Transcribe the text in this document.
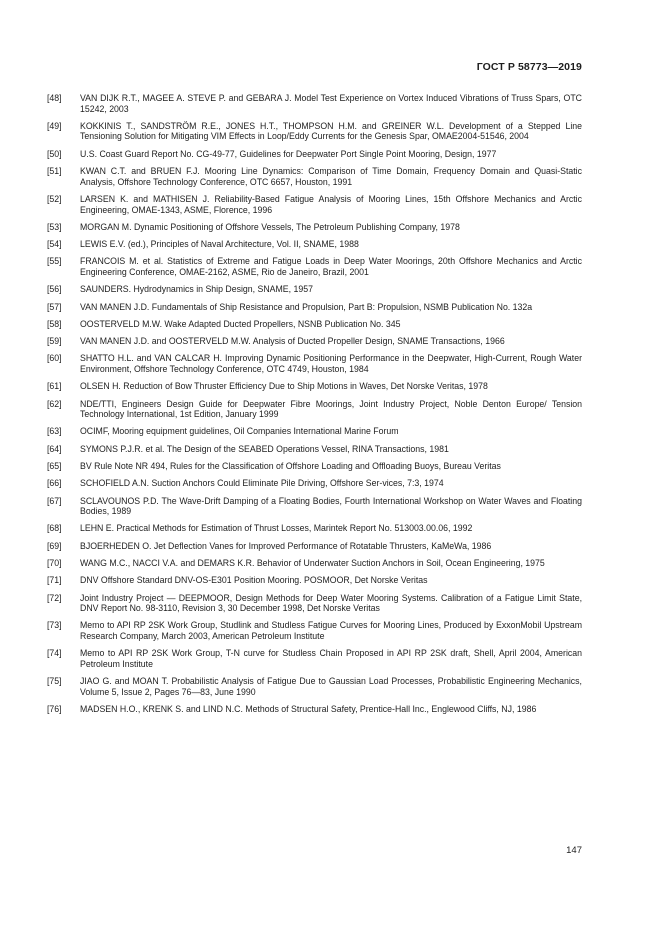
ГОСТ Р 58773—2019
[48]	VAN DIJK R.T., MAGEE A. STEVE P. and GEBARA J. Model Test Experience on Vortex Induced Vibrations of Truss Spars, OTC 15242, 2003
[49]	KOKKINIS T., SANDSTRÖM R.E., JONES H.T., THOMPSON H.M. and GREINER W.L. Development of a Stepped Line Tensioning Solution for Mitigating VIM Effects in Loop/Eddy Currents for the Genesis Spar, OMAE2004-51546, 2004
[50]	U.S. Coast Guard Report No. CG-49-77, Guidelines for Deepwater Port Single Point Mooring, Design, 1977
[51]	KWAN C.T. and BRUEN F.J. Mooring Line Dynamics: Comparison of Time Domain, Frequency Domain and Quasi-Static Analysis, Offshore Technology Conference, OTC 6657, Houston, 1991
[52]	LARSEN K. and MATHISEN J. Reliability-Based Fatigue Analysis of Mooring Lines, 15th Offshore Mechanics and Arctic Engineering, OMAE-1343, ASME, Florence, 1996
[53]	MORGAN M. Dynamic Positioning of Offshore Vessels, The Petroleum Publishing Company, 1978
[54]	LEWIS E.V. (ed.), Principles of Naval Architecture, Vol. II, SNAME, 1988
[55]	FRANCOIS M. et al. Statistics of Extreme and Fatigue Loads in Deep Water Moorings, 20th Offshore Mechanics and Arctic Engineering Conference, OMAE-2162, ASME, Rio de Janeiro, Brazil, 2001
[56]	SAUNDERS. Hydrodynamics in Ship Design, SNAME, 1957
[57]	VAN MANEN J.D. Fundamentals of Ship Resistance and Propulsion, Part B: Propulsion, NSMB Publication No. 132a
[58]	OOSTERVELD M.W. Wake Adapted Ducted Propellers, NSNB Publication No. 345
[59]	VAN MANEN J.D. and OOSTERVELD M.W. Analysis of Ducted Propeller Design, SNAME Transactions, 1966
[60]	SHATTO H.L. and VAN CALCAR H. Improving Dynamic Positioning Performance in the Deepwater, High-Current, Rough Water Environment, Offshore Technology Conference, OTC 4749, Houston, 1984
[61]	OLSEN H. Reduction of Bow Thruster Efficiency Due to Ship Motions in Waves, Det Norske Veritas, 1978
[62]	NDE/TTI, Engineers Design Guide for Deepwater Fibre Moorings, Joint Industry Project, Noble Denton Europe/ Tension Technology International, 1st Edition, January 1999
[63]	OCIMF, Mooring equipment guidelines, Oil Companies International Marine Forum
[64]	SYMONS P.J.R. et al. The Design of the SEABED Operations Vessel, RINA Transactions, 1981
[65]	BV Rule Note NR 494, Rules for the Classification of Offshore Loading and Offloading Buoys, Bureau Veritas
[66]	SCHOFIELD A.N. Suction Anchors Could Eliminate Pile Driving, Offshore Ser-vices, 7:3, 1974
[67]	SCLAVOUNOS P.D. The Wave-Drift Damping of a Floating Bodies, Fourth International Workshop on Water Waves and Floating Bodies, 1989
[68]	LEHN E. Practical Methods for Estimation of Thrust Losses, Marintek Report No. 513003.00.06, 1992
[69]	BJOERHEDEN O. Jet Deflection Vanes for Improved Performance of Rotatable Thrusters, KaMeWa, 1986
[70]	WANG M.C., NACCI V.A. and DEMARS K.R. Behavior of Underwater Suction Anchors in Soil, Ocean Engineering, 1975
[71]	DNV Offshore Standard DNV-OS-E301 Position Mooring. POSMOOR, Det Norske Veritas
[72]	Joint Industry Project — DEEPMOOR, Design Methods for Deep Water Mooring Systems. Calibration of a Fatigue Limit State, DNV Report No. 98-3110, Revision 3, 30 December 1998, Det Norske Veritas
[73]	Memo to API RP 2SK Work Group, Studlink and Studless Fatigue Curves for Mooring Lines, Produced by ExxonMobil Upstream Research Company, March 2003, American Petroleum Institute
[74]	Memo to API RP 2SK Work Group, T-N curve for Studless Chain Proposed in API RP 2SK draft, Shell, April 2004, American Petroleum Institute
[75]	JIAO G. and MOAN T. Probabilistic Analysis of Fatigue Due to Gaussian Load Processes, Probabilistic Engineering Mechanics, Volume 5, Issue 2, Pages 76—83, June 1990
[76]	MADSEN H.O., KRENK S. and LIND N.C. Methods of Structural Safety, Prentice-Hall Inc., Englewood Cliffs, NJ, 1986
147
